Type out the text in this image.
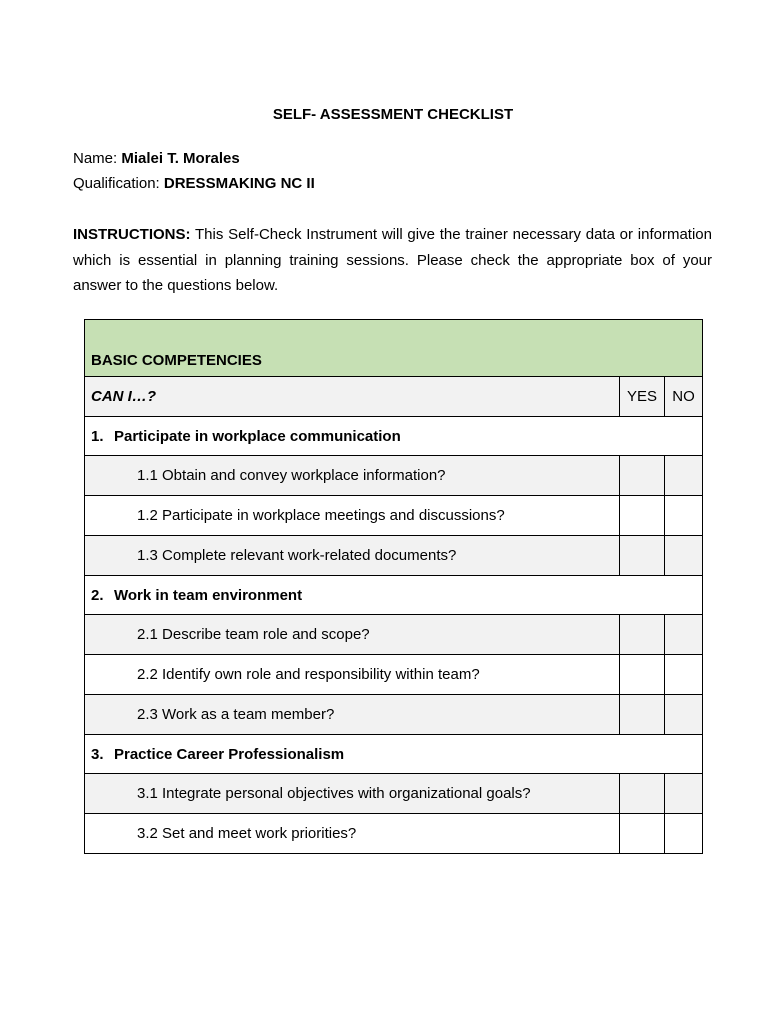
SELF- ASSESSMENT CHECKLIST
Name: Mialei T. Morales
Qualification: DRESSMAKING NC II
INSTRUCTIONS: This Self-Check Instrument will give the trainer necessary data or information which is essential in planning training sessions. Please check the appropriate box of your answer to the questions below.
BASIC COMPETENCIES		
CAN I…?	YES	NO
1. Participate in workplace communication		
1.1 Obtain and convey workplace information?		
1.2 Participate in workplace meetings and discussions?		
1.3 Complete relevant work-related documents?		
2. Work in team environment		
2.1 Describe team role and scope?		
2.2 Identify own role and responsibility within team?		
2.3 Work as a team member?		
3. Practice Career Professionalism		
3.1 Integrate personal objectives with organizational goals?		
3.2 Set and meet work priorities?		
